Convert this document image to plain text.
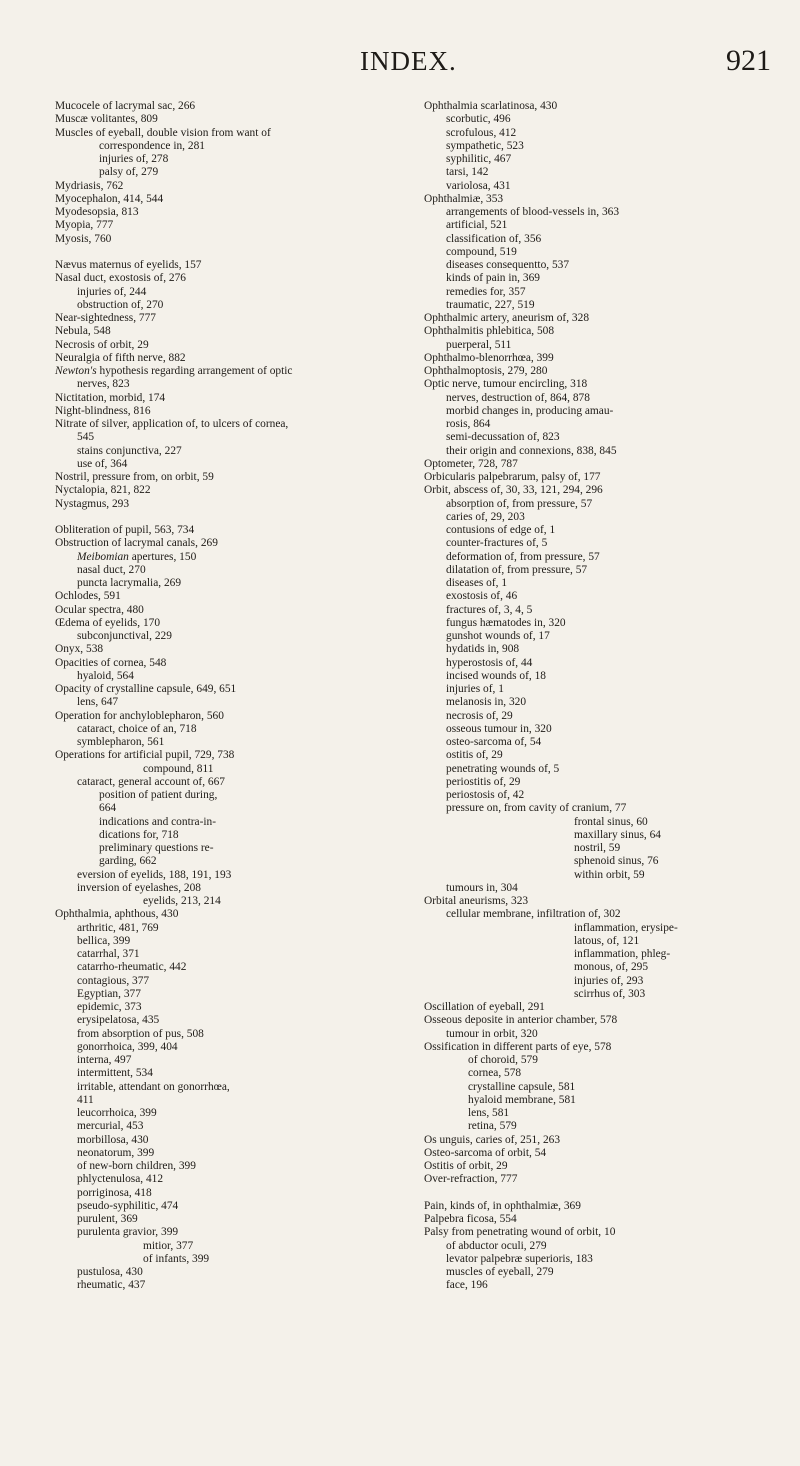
INDEX.	921
Mucocele of lacrymal sac, 266
Muscæ volitantes, 809
Muscles of eyeball, double vision from want of
correspondence in, 281
injuries of, 278
palsy of, 279
Mydriasis, 762
Myocephalon, 414, 544
Myodesopsia, 813
Myopia, 777
Myosis, 760
Nævus maternus of eyelids, 157
Nasal duct, exostosis of, 276
injuries of, 244
obstruction of, 270
Near-sightedness, 777
Nebula, 548
Necrosis of orbit, 29
Neuralgia of fifth nerve, 882
Newton's hypothesis regarding arrangement of optic
nerves, 823
Nictitation, morbid, 174
Night-blindness, 816
Nitrate of silver, application of, to ulcers of cornea,
545
stains conjunctiva, 227
use of, 364
Nostril, pressure from, on orbit, 59
Nyctalopia, 821, 822
Nystagmus, 293
Obliteration of pupil, 563, 734
Obstruction of lacrymal canals, 269
Meibomian apertures, 150
nasal duct, 270
puncta lacrymalia, 269
Ochlodes, 591
Ocular spectra, 480
Œdema of eyelids, 170
subconjunctival, 229
Onyx, 538
Opacities of cornea, 548
hyaloid, 564
Opacity of crystalline capsule, 649, 651
lens, 647
Operation for anchyloblepharon, 560
cataract, choice of an, 718
symblepharon, 561
Operations for artificial pupil, 729, 738
compound, 811
cataract, general account of, 667
position of patient during,
664
indications and contra-in-
dications for, 718
preliminary questions re-
garding, 662
eversion of eyelids, 188, 191, 193
inversion of eyelashes, 208
eyelids, 213, 214
Ophthalmia, aphthous, 430
arthritic, 481, 769
bellica, 399
catarrhal, 371
catarrho-rheumatic, 442
contagious, 377
Egyptian, 377
epidemic, 373
erysipelatosa, 435
from absorption of pus, 508
gonorrhoica, 399, 404
interna, 497
intermittent, 534
irritable, attendant on gonorrhœa,
411
leucorrhoica, 399
mercurial, 453
morbillosa, 430
neonatorum, 399
of new-born children, 399
phlyctenulosa, 412
porriginosa, 418
pseudo-syphilitic, 474
purulent, 369
purulenta gravior, 399
mitior, 377
of infants, 399
pustulosa, 430
rheumatic, 437
Ophthalmia scarlatinosa, 430
scorbutic, 496
scrofulous, 412
sympathetic, 523
syphilitic, 467
tarsi, 142
variolosa, 431
Ophthalmiæ, 353
arrangements of blood-vessels in, 363
artificial, 521
classification of, 356
compound, 519
diseases consequentto, 537
kinds of pain in, 369
remedies for, 357
traumatic, 227, 519
Ophthalmic artery, aneurism of, 328
Ophthalmitis phlebitica, 508
puerperal, 511
Ophthalmo-blenorrhœa, 399
Ophthalmoptosis, 279, 280
Optic nerve, tumour encircling, 318
nerves, destruction of, 864, 878
morbid changes in, producing amau-
rosis, 864
semi-decussation of, 823
their origin and connexions, 838, 845
Optometer, 728, 787
Orbicularis palpebrarum, palsy of, 177
Orbit, abscess of, 30, 33, 121, 294, 296
absorption of, from pressure, 57
caries of, 29, 203
contusions of edge of, 1
counter-fractures of, 5
deformation of, from pressure, 57
dilatation of, from pressure, 57
diseases of, 1
exostosis of, 46
fractures of, 3, 4, 5
fungus hæmatodes in, 320
gunshot wounds of, 17
hydatids in, 908
hyperostosis of, 44
incised wounds of, 18
injuries of, 1
melanosis in, 320
necrosis of, 29
osseous tumour in, 320
osteo-sarcoma of, 54
ostitis of, 29
penetrating wounds of, 5
periostitis of, 29
periostosis of, 42
pressure on, from cavity of cranium, 77
frontal sinus, 60
maxillary sinus, 64
nostril, 59
sphenoid sinus, 76
within orbit, 59
tumours in, 304
Orbital aneurisms, 323
cellular membrane, infiltration of, 302
inflammation, erysipe-
latous, of, 121
inflammation, phleg-
monous, of, 295
injuries of, 293
scirrhus of, 303
Oscillation of eyeball, 291
Osseous deposite in anterior chamber, 578
tumour in orbit, 320
Ossification in different parts of eye, 578
of choroid, 579
cornea, 578
crystalline capsule, 581
hyaloid membrane, 581
lens, 581
retina, 579
Os unguis, caries of, 251, 263
Osteo-sarcoma of orbit, 54
Ostitis of orbit, 29
Over-refraction, 777
Pain, kinds of, in ophthalmiæ, 369
Palpebra ficosa, 554
Palsy from penetrating wound of orbit, 10
of abductor oculi, 279
levator palpebræ superioris, 183
muscles of eyeball, 279
face, 196
